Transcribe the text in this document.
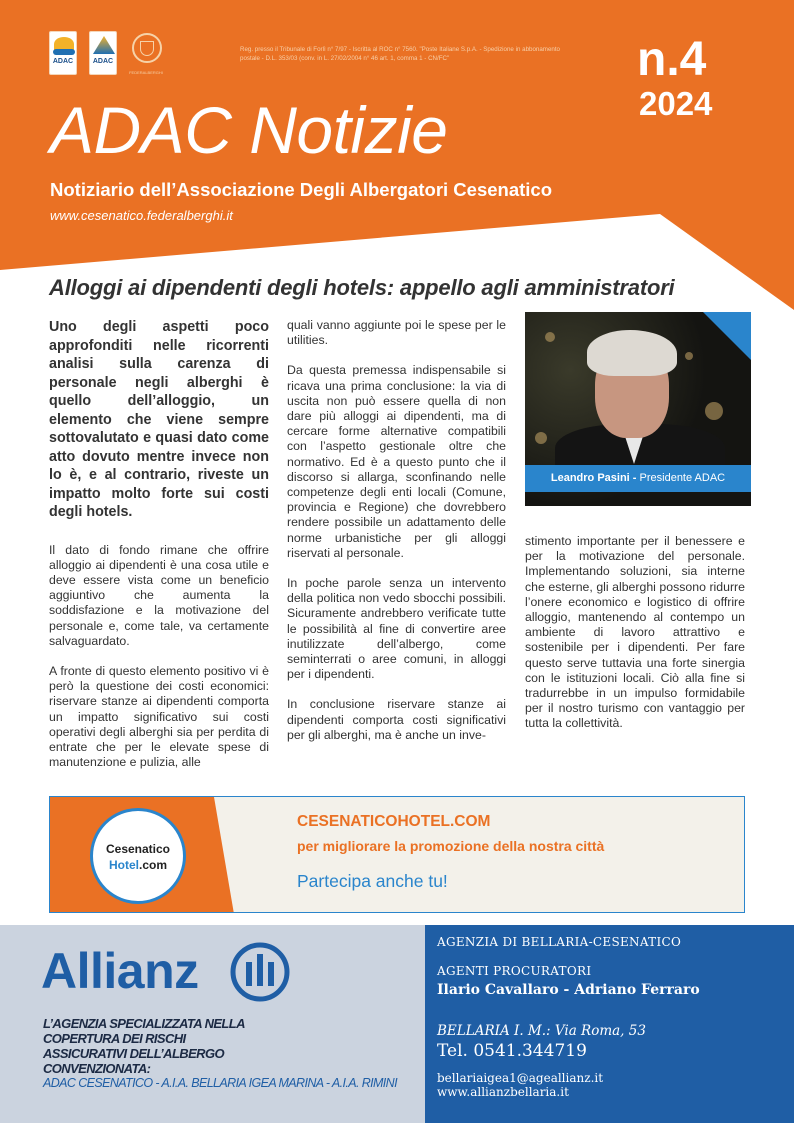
ADAC	ADAC
FEDERALBERGHI
Reg. presso il Tribunale di Forlì n° 7/97 - Iscritta al ROC n° 7560. "Poste Italiane S.p.A. - Spedizione in abbonamento postale - D.L. 353/03 (conv. in L. 27/02/2004 n° 46 art. 1, comma 1 - CN/FC"	n.4
2024
ADAC Notizie
Notiziario dell’Associazione Degli Albergatori Cesenatico
www.cesenatico.federalberghi.it
Alloggi ai dipendenti degli hotels: appello agli amministratori

Uno degli aspetti poco approfonditi nelle ricorrenti analisi sulla carenza di personale negli alberghi è quello dell’alloggio, un elemento che viene sempre sottovalutato e quasi dato come atto dovuto mentre invece non lo è, e al contrario, riveste un impatto molto forte sui costi degli hotels.

Il dato di fondo rimane che offrire alloggio ai dipendenti è una cosa utile e deve essere vista come un beneficio aggiuntivo che aumenta la soddisfazione e la motivazione del personale e, come tale, va certamente salvaguardato.

A fronte di questo elemento positivo vi è però la questione dei costi economici: riservare stanze ai dipendenti comporta un impatto significativo sui costi operativi degli alberghi sia per perdita di entrate che per le elevate spese di manutenzione e pulizia, alle

quali vanno aggiunte poi le spese per le utilities.

Da questa premessa indispensabile si ricava una prima conclusione: la via di uscita non può essere quella di non dare più alloggi ai dipendenti, ma di cercare forme alternative compatibili con l’aspetto gestionale oltre che normativo. Ed è a questo punto che il discorso si allarga, sconfinando nelle competenze degli enti locali (Comune, provincia e Regione) che dovrebbero rendere possibile un adattamento delle norme urbanistiche per gli alloggi riservati al personale.

In poche parole senza un intervento della politica non vedo sbocchi possibili. Sicuramente andrebbero verificate tutte le possibilità al fine di convertire aree inutilizzate dell’albergo, come seminterrati o aree comuni, in alloggi per i dipendenti.

In conclusione riservare stanze ai dipendenti comporta costi significativi per gli alberghi, ma è anche un inve-

Leandro Pasini - Presidente ADAC

stimento importante per il benessere e per la motivazione del personale. Implementando soluzioni, sia interne che esterne, gli alberghi possono ridurre l’onere economico e logistico di offrire alloggio, mantenendo al contempo un ambiente di lavoro attrattivo e sostenibile per i dipendenti. Per fare questo serve tuttavia una forte sinergia con le istituzioni locali. Ciò alla fine si tradurrebbe in un impulso formidabile per il nostro turismo con vantaggio per tutta la collettività.

Cesenatico
Hotel.com
CESENATICOHOTEL.COM
per migliorare la promozione della nostra città
Partecipa anche tu!
Allianz
L’AGENZIA SPECIALIZZATA NELLA
COPERTURA DEI RISCHI
ASSICURATIVI DELL’ALBERGO
CONVENZIONATA:
ADAC CESENATICO - A.I.A. BELLARIA IGEA MARINA - A.I.A. RIMINI
AGENZIA DI BELLARIA-CESENATICO
AGENTI PROCURATORI
Ilario Cavallaro - Adriano Ferraro
BELLARIA I. M.: Via Roma, 53
Tel. 0541.344719
bellariaigea1@ageallianz.it
www.allianzbellaria.it
